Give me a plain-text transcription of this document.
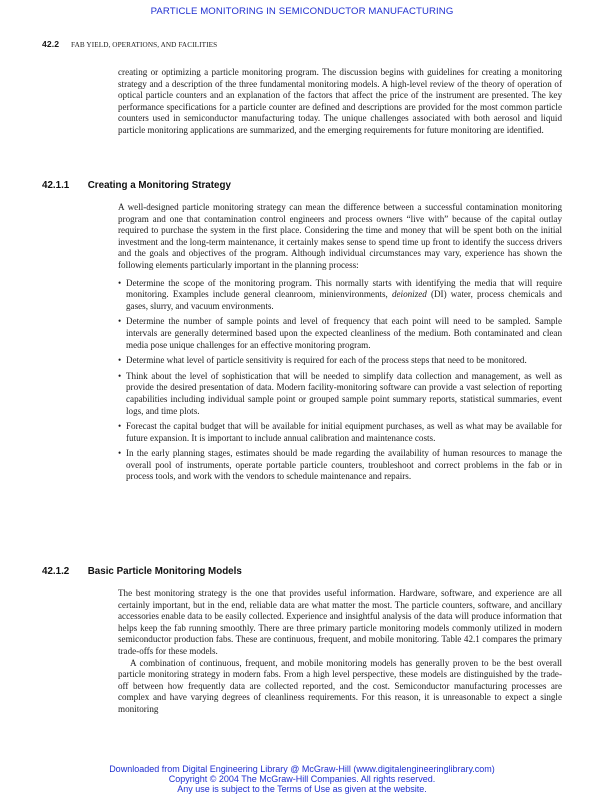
PARTICLE MONITORING IN SEMICONDUCTOR MANUFACTURING
42.2 FAB YIELD, OPERATIONS, AND FACILITIES

creating or optimizing a particle monitoring program. The discussion begins with guidelines for creating a monitoring strategy and a description of the three fundamental monitoring models. A high-level review of the theory of operation of optical particle counters and an explanation of the factors that affect the price of the instrument are presented. The key performance specifications for a particle counter are defined and descriptions are provided for the most common particle counters used in semiconductor manufacturing today. The unique challenges associated with both aerosol and liquid particle monitoring applications are summarized, and the emerging requirements for future monitoring are identified.

42.1.1 Creating a Monitoring Strategy

A well-designed particle monitoring strategy can mean the difference between a successful contamination monitoring program and one that contamination control engineers and process owners “live with” because of the capital outlay required to purchase the system in the first place. Considering the time and money that will be spent both on the initial investment and the long-term maintenance, it certainly makes sense to spend time up front to identify the success drivers and the goals and objectives of the program. Although individual circumstances may vary, experience has shown the following elements particularly important in the planning process:

• Determine the scope of the monitoring program. This normally starts with identifying the media that will require monitoring. Examples include general cleanroom, minienvironments, deionized (DI) water, process chemicals and gases, slurry, and vacuum environments.
• Determine the number of sample points and level of frequency that each point will need to be sampled. Sample intervals are generally determined based upon the expected cleanliness of the medium. Both contaminated and clean media pose unique challenges for an effective monitoring program.
• Determine what level of particle sensitivity is required for each of the process steps that need to be monitored.
• Think about the level of sophistication that will be needed to simplify data collection and management, as well as provide the desired presentation of data. Modern facility-monitoring software can provide a vast selection of reporting capabilities including individual sample point or grouped sample point summary reports, statistical summaries, event logs, and time plots.
• Forecast the capital budget that will be available for initial equipment purchases, as well as what may be available for future expansion. It is important to include annual calibration and maintenance costs.
• In the early planning stages, estimates should be made regarding the availability of human resources to manage the overall pool of instruments, operate portable particle counters, troubleshoot and correct problems in the fab or in process tools, and work with the vendors to schedule maintenance and repairs.
42.1.2 Basic Particle Monitoring Models

The best monitoring strategy is the one that provides useful information. Hardware, software, and experience are all certainly important, but in the end, reliable data are what matter the most. The particle counters, software, and ancillary accessories enable data to be easily collected. Experience and insightful analysis of the data will produce information that helps keep the fab running smoothly. There are three primary particle monitoring models commonly utilized in modern semiconductor production fabs. These are continuous, frequent, and mobile monitoring. Table 42.1 compares the primary trade-offs for these models.

A combination of continuous, frequent, and mobile monitoring models has generally proven to be the best overall particle monitoring strategy in modern fabs. From a high level perspective, these models are distinguished by the trade-off between how frequently data are collected reported, and the cost. Semiconductor manufacturing processes are complex and have varying degrees of cleanliness requirements. For this reason, it is unreasonable to expect a single monitoring

Downloaded from Digital Engineering Library @ McGraw-Hill (www.digitalengineeringlibrary.com)
Copyright © 2004 The McGraw-Hill Companies. All rights reserved.
Any use is subject to the Terms of Use as given at the website.
